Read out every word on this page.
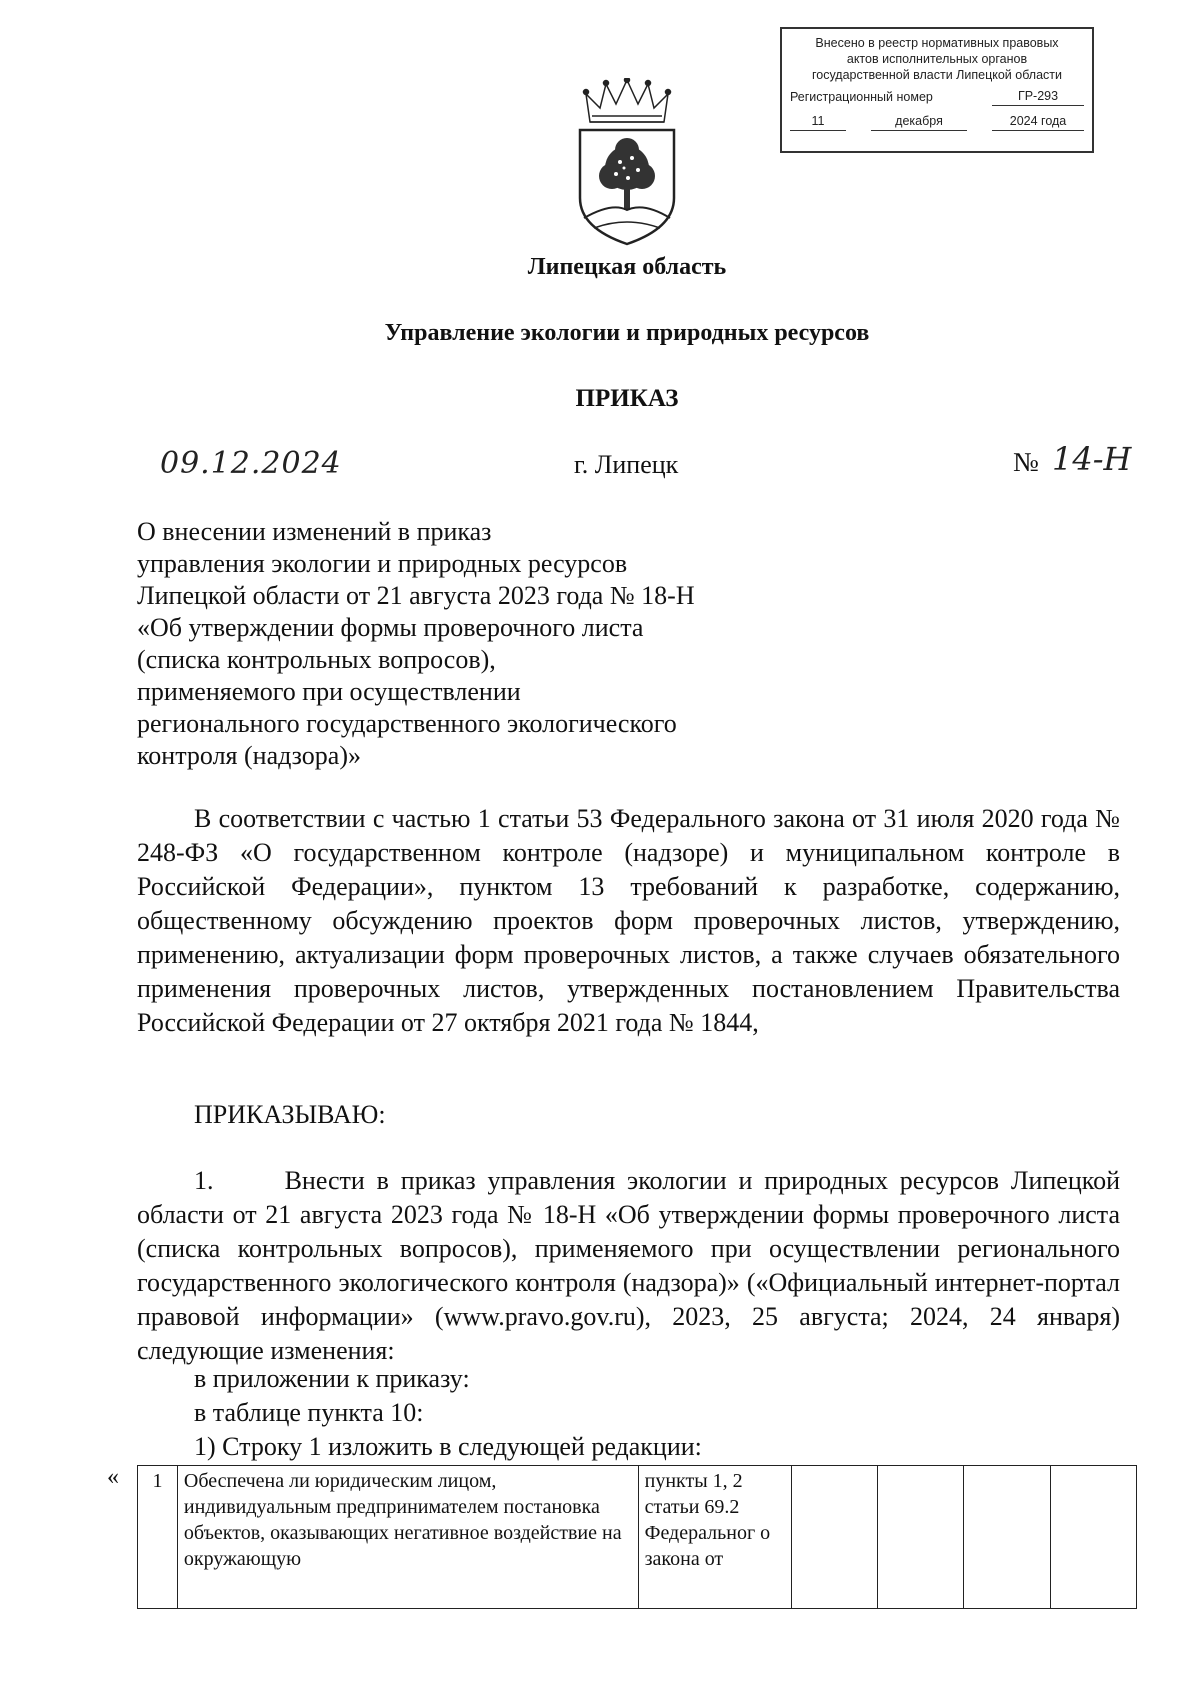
Внесено в реестр нормативных правовых
актов исполнительных органов
государственной власти Липецкой области
Регистрационный номер	ГР-293
11	декабря	2024 года
Липецкая область
Управление экологии и природных ресурсов
ПРИКАЗ
09.12.2024	г. Липецк	№ 14-Н
О внесении изменений в приказ
управления экологии и природных ресурсов
Липецкой области от 21 августа 2023 года № 18-Н
«Об утверждении формы проверочного листа
(списка контрольных вопросов),
применяемого при осуществлении
регионального государственного экологического
контроля (надзора)»
В соответствии с частью 1 статьи 53 Федерального закона от 31 июля 2020 года № 248-ФЗ «О государственном контроле (надзоре) и муниципальном контроле в Российской Федерации», пунктом 13 требований к разработке, содержанию, общественному обсуждению проектов форм проверочных листов, утверждению, применению, актуализации форм проверочных листов, а также случаев обязательного применения проверочных листов, утвержденных постановлением Правительства Российской Федерации от 27 октября 2021 года № 1844,
ПРИКАЗЫВАЮ:
1.      Внести в приказ управления экологии и природных ресурсов Липецкой области от 21 августа 2023 года № 18-Н «Об утверждении формы проверочного листа (списка контрольных вопросов), применяемого при осуществлении регионального государственного экологического контроля (надзора)» («Официальный интернет-портал правовой информации» (www.pravo.gov.ru), 2023, 25 августа; 2024, 24 января) следующие изменения:
в приложении к приказу:
в таблице пункта 10:
1) Строку 1 изложить в следующей редакции:
« 1	Обеспечена ли юридическим лицом, индивидуальным предпринимателем постановка объектов, оказывающих негативное воздействие на окружающую	пункты 1, 2 статьи 69.2 Федеральног о закона от				
